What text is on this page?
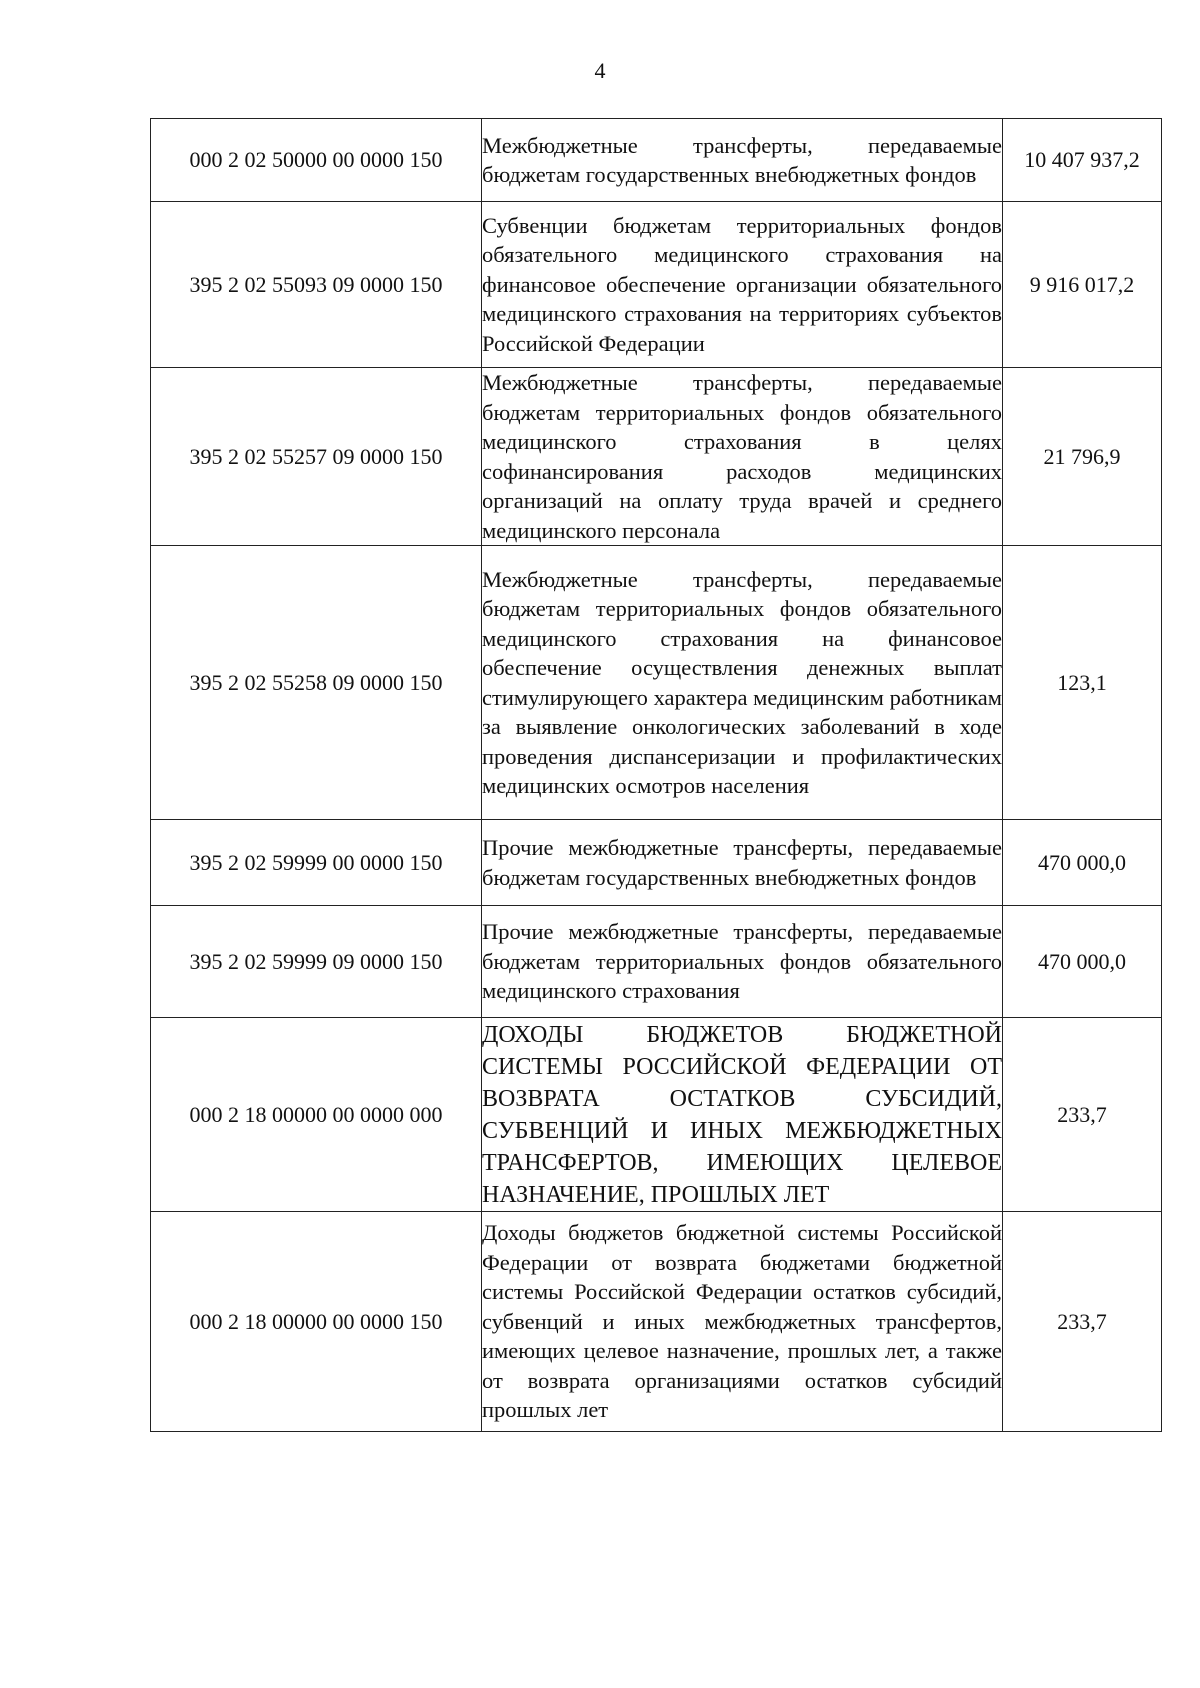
4
000 2 02 50000 00 0000 150	Межбюджетные трансферты, передаваемые бюджетам государственных внебюджетных фондов	10 407 937,2
395 2 02 55093 09 0000 150	Субвенции бюджетам территориальных фондов обязательного медицинского страхования на финансовое обеспечение организации обязательного медицинского страхования на территориях субъектов Российской Федерации	9 916 017,2
395 2 02 55257 09 0000 150	Межбюджетные трансферты, передаваемые бюджетам территориальных фондов обязательного медицинского страхования в целях софинансирования расходов медицинских организаций на оплату труда врачей и среднего медицинского персонала	21 796,9
395 2 02 55258 09 0000 150	Межбюджетные трансферты, передаваемые бюджетам территориальных фондов обязательного медицинского страхования на финансовое обеспечение осуществления денежных выплат стимулирующего характера медицинским работникам за выявление онкологических заболеваний в ходе проведения диспансеризации и профилактических медицинских осмотров населения	123,1
395 2 02 59999 00 0000 150	Прочие межбюджетные трансферты, передаваемые бюджетам государственных внебюджетных фондов	470 000,0
395 2 02 59999 09 0000 150	Прочие межбюджетные трансферты, передаваемые бюджетам территориальных фондов обязательного медицинского страхования	470 000,0
000 2 18 00000 00 0000 000	ДОХОДЫ БЮДЖЕТОВ БЮДЖЕТНОЙ СИСТЕМЫ РОССИЙСКОЙ ФЕДЕРАЦИИ ОТ ВОЗВРАТА ОСТАТКОВ СУБСИДИЙ, СУБВЕНЦИЙ И ИНЫХ МЕЖБЮДЖЕТНЫХ ТРАНСФЕРТОВ, ИМЕЮЩИХ ЦЕЛЕВОЕ НАЗНАЧЕНИЕ, ПРОШЛЫХ ЛЕТ	233,7
000 2 18 00000 00 0000 150	Доходы бюджетов бюджетной системы Российской Федерации от возврата бюджетами бюджетной системы Российской Федерации остатков субсидий, субвенций и иных межбюджетных трансфертов, имеющих целевое назначение, прошлых лет, а также от возврата организациями остатков субсидий прошлых лет	233,7
